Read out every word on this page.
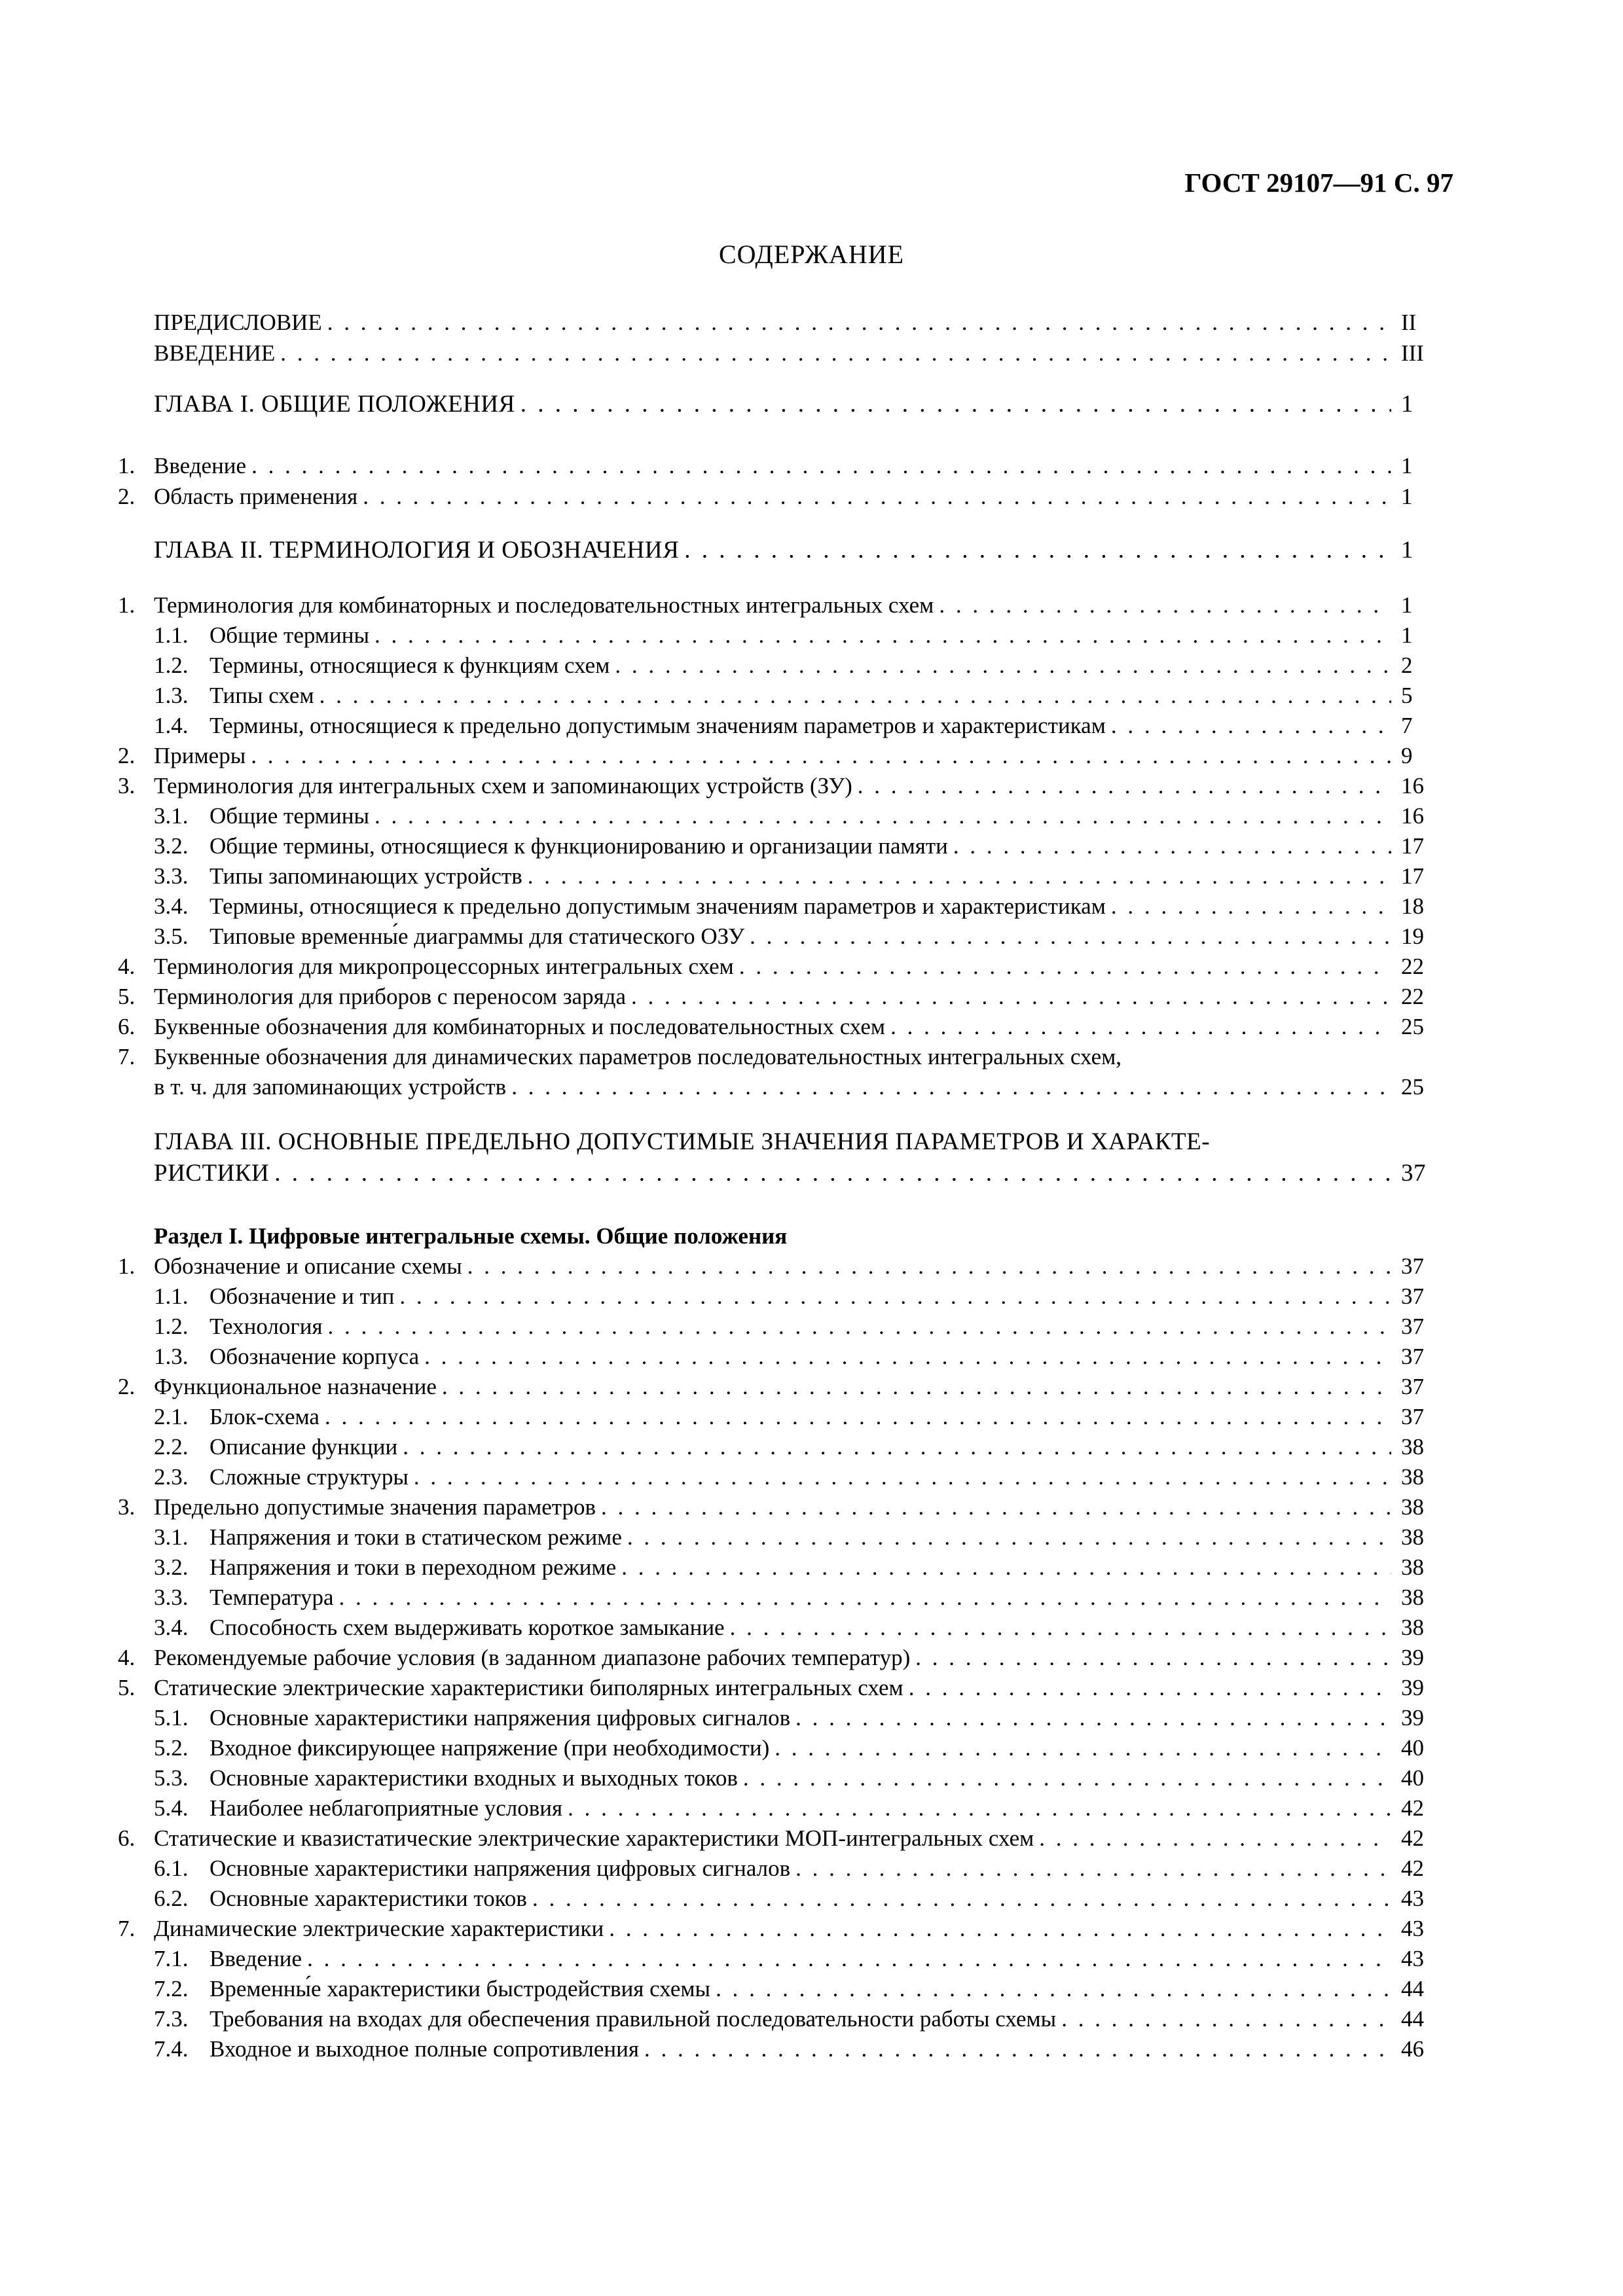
ГОСТ 29107—91 С. 97
СОДЕРЖАНИЕ
ПРЕДИСЛОВИЕ . . .	II
ВВЕДЕНИЕ . . .	III
ГЛАВА I. ОБЩИЕ ПОЛОЖЕНИЯ . . .	1
1. Введение . . .	1
2. Область применения . . .	1
ГЛАВА II. ТЕРМИНОЛОГИЯ И ОБОЗНАЧЕНИЯ . . .	1
1. Терминология для комбинаторных и последовательностных интегральных схем . . .	1
1.1. Общие термины . . .	1
1.2. Термины, относящиеся к функциям схем . . .	2
1.3. Типы схем . . .	5
1.4. Термины, относящиеся к предельно допустимым значениям параметров и характеристикам . . .	7
2. Примеры . . .	9
3. Терминология для интегральных схем и запоминающих устройств (ЗУ) . . .	16
3.1. Общие термины . . .	16
3.2. Общие термины, относящиеся к функционированию и организации памяти . . .	17
3.3. Типы запоминающих устройств . . .	17
3.4. Термины, относящиеся к предельно допустимым значениям параметров и характеристикам . . .	18
3.5. Типовые временны́е диаграммы для статического ОЗУ . . .	19
4. Терминология для микропроцессорных интегральных схем . . .	22
5. Терминология для приборов с переносом заряда . . .	22
6. Буквенные обозначения для комбинаторных и последовательностных схем . . .	25
7. Буквенные обозначения для динамических параметров последовательностных интегральных схем,
в т. ч. для запоминающих устройств . . .	25
ГЛАВА III. ОСНОВНЫЕ ПРЕДЕЛЬНО ДОПУСТИМЫЕ ЗНАЧЕНИЯ ПАРАМЕТРОВ И ХАРАКТЕ-
РИСТИКИ . . .	37
Раздел I. Цифровые интегральные схемы. Общие положения
1. Обозначение и описание схемы . . .	37
1.1. Обозначение и тип . . .	37
1.2. Технология . . .	37
1.3. Обозначение корпуса . . .	37
2. Функциональное назначение . . .	37
2.1. Блок-схема . . .	37
2.2. Описание функции . . .	38
2.3. Сложные структуры . . .	38
3. Предельно допустимые значения параметров . . .	38
3.1. Напряжения и токи в статическом режиме . . .	38
3.2. Напряжения и токи в переходном режиме . . .	38
3.3. Температура . . .	38
3.4. Способность схем выдерживать короткое замыкание . . .	38
4. Рекомендуемые рабочие условия (в заданном диапазоне рабочих температур) . . .	39
5. Статические электрические характеристики биполярных интегральных схем . . .	39
5.1. Основные характеристики напряжения цифровых сигналов . . .	39
5.2. Входное фиксирующее напряжение (при необходимости) . . .	40
5.3. Основные характеристики входных и выходных токов . . .	40
5.4. Наиболее неблагоприятные условия . . .	42
6. Статические и квазистатические электрические характеристики МОП-интегральных схем . . .	42
6.1. Основные характеристики напряжения цифровых сигналов . . .	42
6.2. Основные характеристики токов . . .	43
7. Динамические электрические характеристики . . .	43
7.1. Введение . . .	43
7.2. Временны́е характеристики быстродействия схемы . . .	44
7.3. Требования на входах для обеспечения правильной последовательности работы схемы . . .	44
7.4. Входное и выходное полные сопротивления . . .	46
